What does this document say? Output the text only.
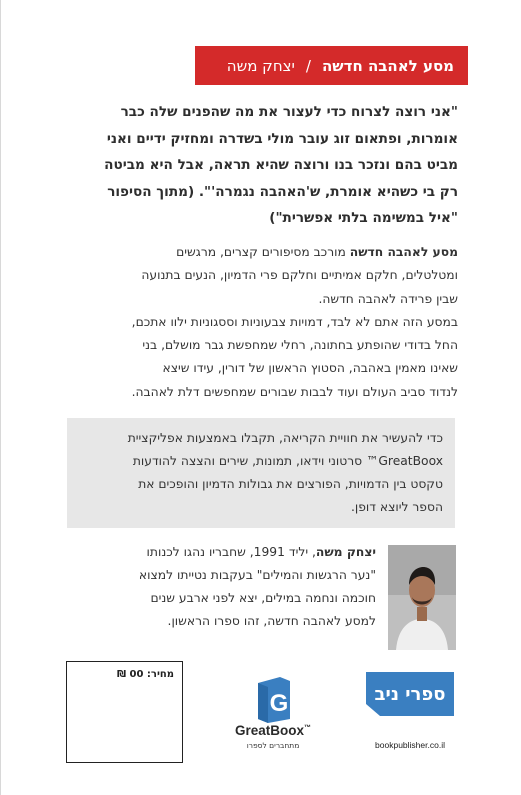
מסע לאהבה חדשה
/
יצחק משה
"אני רוצה לצרוח כדי לעצור את מה שהפנים שלה כבר
אומרות, ופתאום זוג עובר מולי בשדרה ומחזיק ידיים ואני
מביט בהם ונזכר בנו ורוצה שהיא תראה, אבל היא מביטה
רק בי כשהיא אומרת, ש'האהבה נגמרה'". (מתוך הסיפור
"איל במשימה בלתי אפשרית")

מסע לאהבה חדשה מורכב מסיפורים קצרים, מרגשים

ומטלטלים, חלקם אמיתיים וחלקם פרי הדמיון, הנעים בתנועה

שבין פרידה לאהבה חדשה.

במסע הזה אתם לא לבד, דמויות צבעוניות וססגוניות ילוו אתכם,

החל בדודי שהופתע בחתונה, רחלי שמחפשת גבר מושלם, בני

שאינו מאמין באהבה, הסטוץ הראשון של דורין, עידו שיצא

לנדוד סביב העולם ועוד לבבות שבורים שמחפשים דלת לאהבה.

כדי להעשיר את חוויית הקריאה, תקבלו באמצעות אפליקציית
GreatBoox™ סרטוני וידאו, תמונות, שירים והצצה להודעות
טקסט בין הדמויות, הפורצים את גבולות הדמיון והופכים את
הספר ליוצא דופן.
יצחק משה, יליד 1991, שחבריו נהגו לכנותו
"נער הרגשות והמילים" בעקבות נטייתו למצוא
חוכמה ונחמה במילים, יצא לפני ארבע שנים
למסע לאהבה חדשה, זהו ספרו הראשון.
מחיר: 00 ₪
G
GreatBoox™
מתחברים לספרו
ספרי ניב
bookpublisher.co.il
